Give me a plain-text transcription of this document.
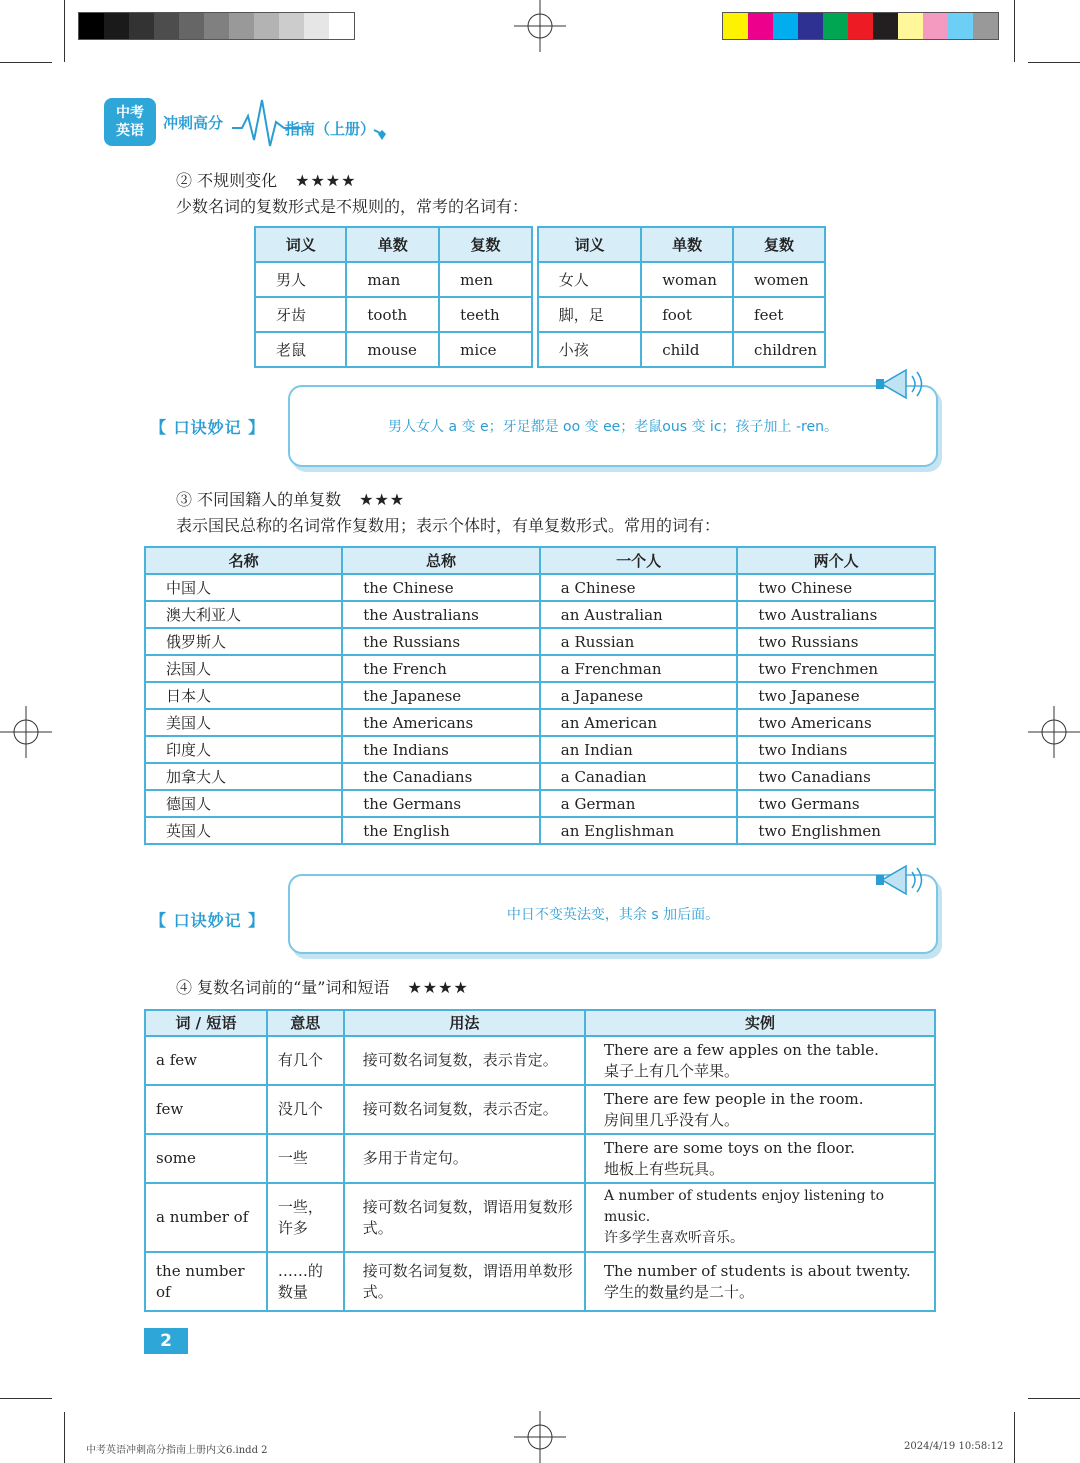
中考
英语 冲刺高分	指南（上册）
② 不规则变化 ★★★★
少数名词的复数形式是不规则的，常考的名词有：
词义	单数	复数		词义	单数	复数
男人	man	men		女人	woman	women
牙齿	tooth	teeth		脚，足	foot	feet
老鼠	mouse	mice		小孩	child	children
【 口诀妙记 】	男人女人 a 变 e；牙足都是 oo 变 ee；老鼠ous 变 ic；孩子加上 -ren。
③ 不同国籍人的单复数 ★★★
表示国民总称的名词常作复数用；表示个体时，有单复数形式。常用的词有：
名称	总称	一个人	两个人
中国人	the Chinese	a Chinese	two Chinese
澳大利亚人	the Australians	an Australian	two Australians
俄罗斯人	the Russians	a Russian	two Russians
法国人	the French	a Frenchman	two Frenchmen
日本人	the Japanese	a Japanese	two Japanese
美国人	the Americans	an American	two Americans
印度人	the Indians	an Indian	two Indians
加拿大人	the Canadians	a Canadian	two Canadians
德国人	the Germans	a German	two Germans
英国人	the English	an Englishman	two Englishmen
【 口诀妙记 】	中日不变英法变，其余 s 加后面。
④ 复数名词前的“量”词和短语 ★★★★
词 / 短语	意思	用法	实例
a few	有几个	接可数名词复数，表示肯定。	There are a few apples on the table.
桌子上有几个苹果。

few	没几个	接可数名词复数，表示否定。	There are few people in the room.
房间里几乎没有人。

some	一些	多用于肯定句。	There are some toys on the floor.
地板上有些玩具。

a number of	一些，许多	接可数名词复数，谓语用复数形式。	A number of students enjoy listening to music.
许多学生喜欢听音乐。

the number of	……的数量	接可数名词复数，谓语用单数形式。	The number of students is about twenty.
学生的数量约是二十。
2
中考英语冲刺高分指南上册内文6.indd 2	2024/4/19 10:58:12
